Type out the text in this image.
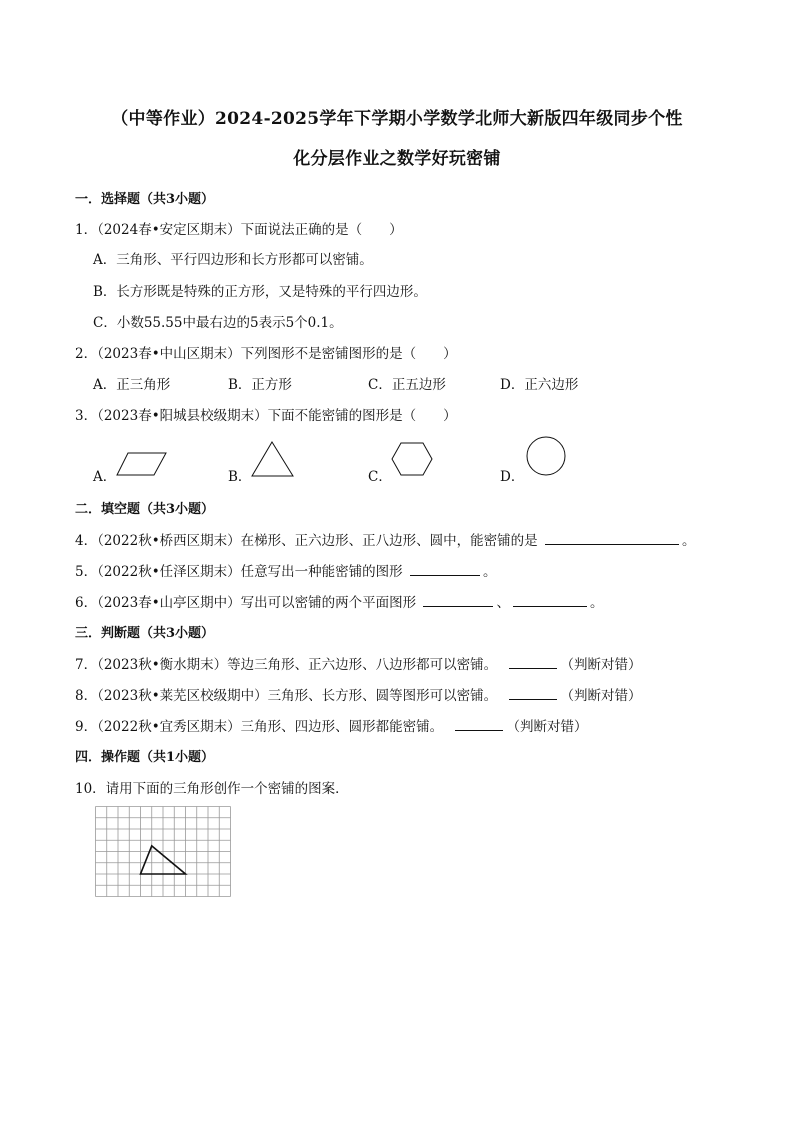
（中等作业）2024-2025学年下学期小学数学北师大新版四年级同步个性
化分层作业之数学好玩密铺
一．选择题（共3小题）
1．（2024春•安定区期末）下面说法正确的是（　　）
A．三角形、平行四边形和长方形都可以密铺。
B．长方形既是特殊的正方形，又是特殊的平行四边形。
C．小数55.55中最右边的5表示5个0.1。
2．（2023春•中山区期末）下列图形不是密铺图形的是（　　）
A．正三角形	B．正方形	C．正五边形	D．正六边形
3．（2023春•阳城县校级期末）下面不能密铺的图形是（　　）
A．	B．	C．	D．
二．填空题（共3小题）
4．（2022秋•桥西区期末）在梯形、正六边形、正八边形、圆中，能密铺的是	。
5．（2022秋•任泽区期末）任意写出一种能密铺的图形	。
6．（2023春•山亭区期中）写出可以密铺的两个平面图形	、	。
三．判断题（共3小题）
7．（2023秋•衡水期末）等边三角形、正六边形、八边形都可以密铺。	（判断对错）
8．（2023秋•莱芜区校级期中）三角形、长方形、圆等图形可以密铺。	（判断对错）
9．（2022秋•宜秀区期末）三角形、四边形、圆形都能密铺。	（判断对错）
四．操作题（共1小题）
10．请用下面的三角形创作一个密铺的图案．
